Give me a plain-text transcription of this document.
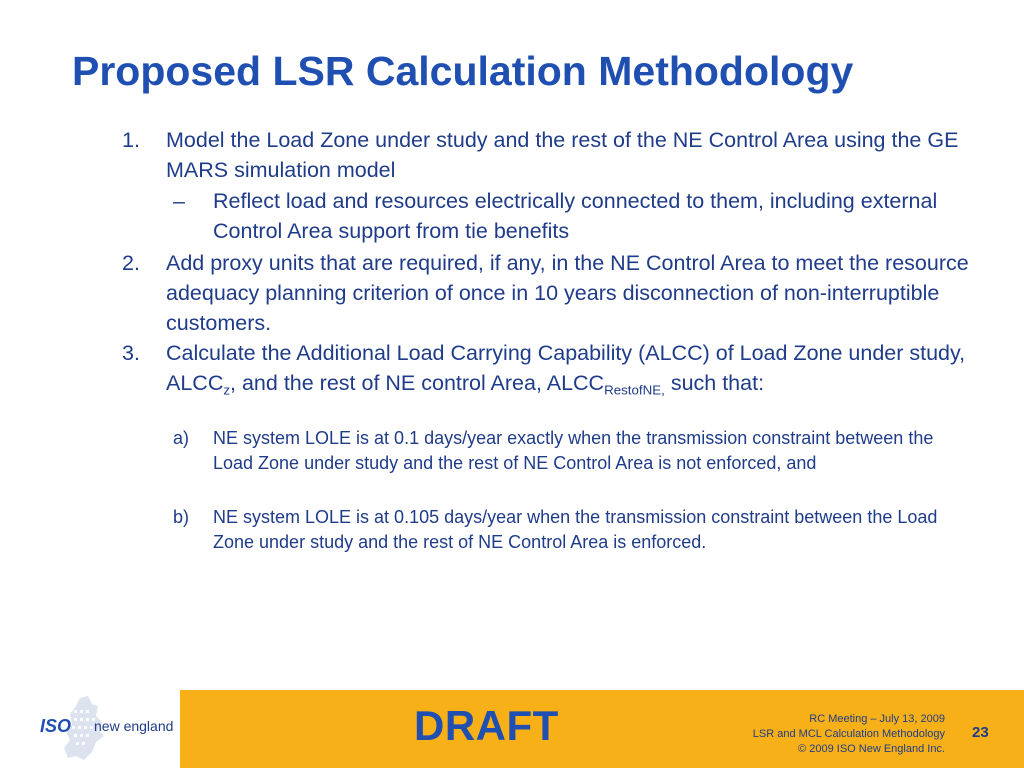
Proposed LSR Calculation Methodology
1. Model the Load Zone under study and the rest of the NE Control Area using the GE MARS simulation model
– Reflect load and resources electrically connected to them, including external Control Area support from tie benefits
2. Add proxy units that are required, if any, in the NE Control Area to meet the resource adequacy planning criterion of once in 10 years disconnection of non-interruptible customers.
3. Calculate the Additional Load Carrying Capability (ALCC) of Load Zone under study, $ALCC_z$, and the rest of NE control Area, $ALCC_{RestofNE,}$ such that:
a) NE system LOLE is at 0.1 days/year exactly when the transmission constraint between the Load Zone under study and the rest of NE Control Area is not enforced, and
b) NE system LOLE is at 0.105 days/year when the transmission constraint between the Load Zone under study and the rest of NE Control Area is enforced.
ISO new england	DRAFT	RC Meeting – July 13, 2009
LSR and MCL Calculation Methodology
© 2009 ISO New England Inc.
23
